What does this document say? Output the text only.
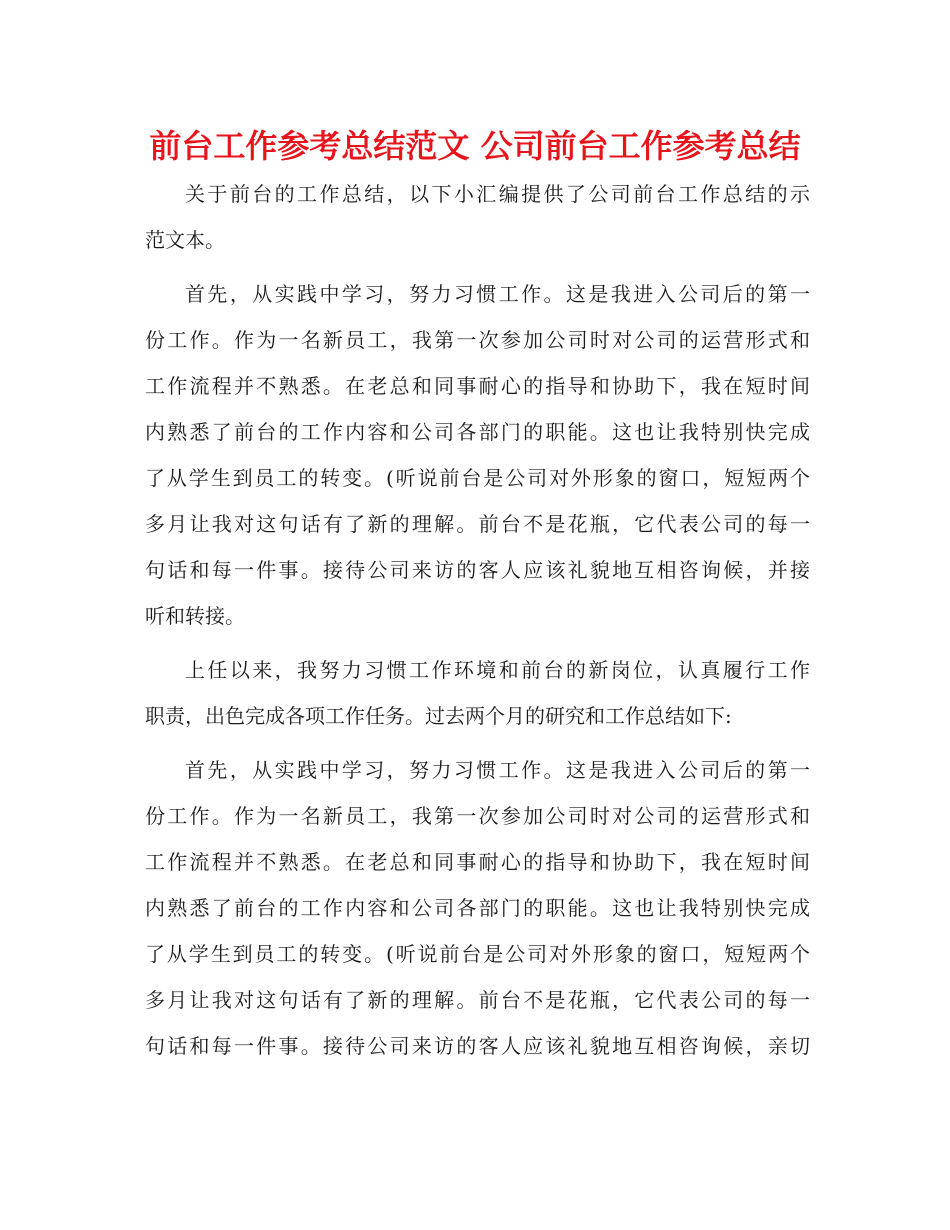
前台工作参考总结范文 公司前台工作参考总结
关于前台的工作总结，以下小汇编提供了公司前台工作总结的示
范文本。
首先，从实践中学习，努力习惯工作。这是我进入公司后的第一
份工作。作为一名新员工，我第一次参加公司时对公司的运营形式和
工作流程并不熟悉。在老总和同事耐心的指导和协助下，我在短时间
内熟悉了前台的工作内容和公司各部门的职能。这也让我特别快完成
了从学生到员工的转变。(听说前台是公司对外形象的窗口，短短两个
多月让我对这句话有了新的理解。前台不是花瓶，它代表公司的每一
句话和每一件事。接待公司来访的客人应该礼貌地互相咨询候，并接
听和转接。
上任以来，我努力习惯工作环境和前台的新岗位，认真履行工作
职责，出色完成各项工作任务。过去两个月的研究和工作总结如下:
首先，从实践中学习，努力习惯工作。这是我进入公司后的第一
份工作。作为一名新员工，我第一次参加公司时对公司的运营形式和
工作流程并不熟悉。在老总和同事耐心的指导和协助下，我在短时间
内熟悉了前台的工作内容和公司各部门的职能。这也让我特别快完成
了从学生到员工的转变。(听说前台是公司对外形象的窗口，短短两个
多月让我对这句话有了新的理解。前台不是花瓶，它代表公司的每一
句话和每一件事。接待公司来访的客人应该礼貌地互相咨询候，亲切
